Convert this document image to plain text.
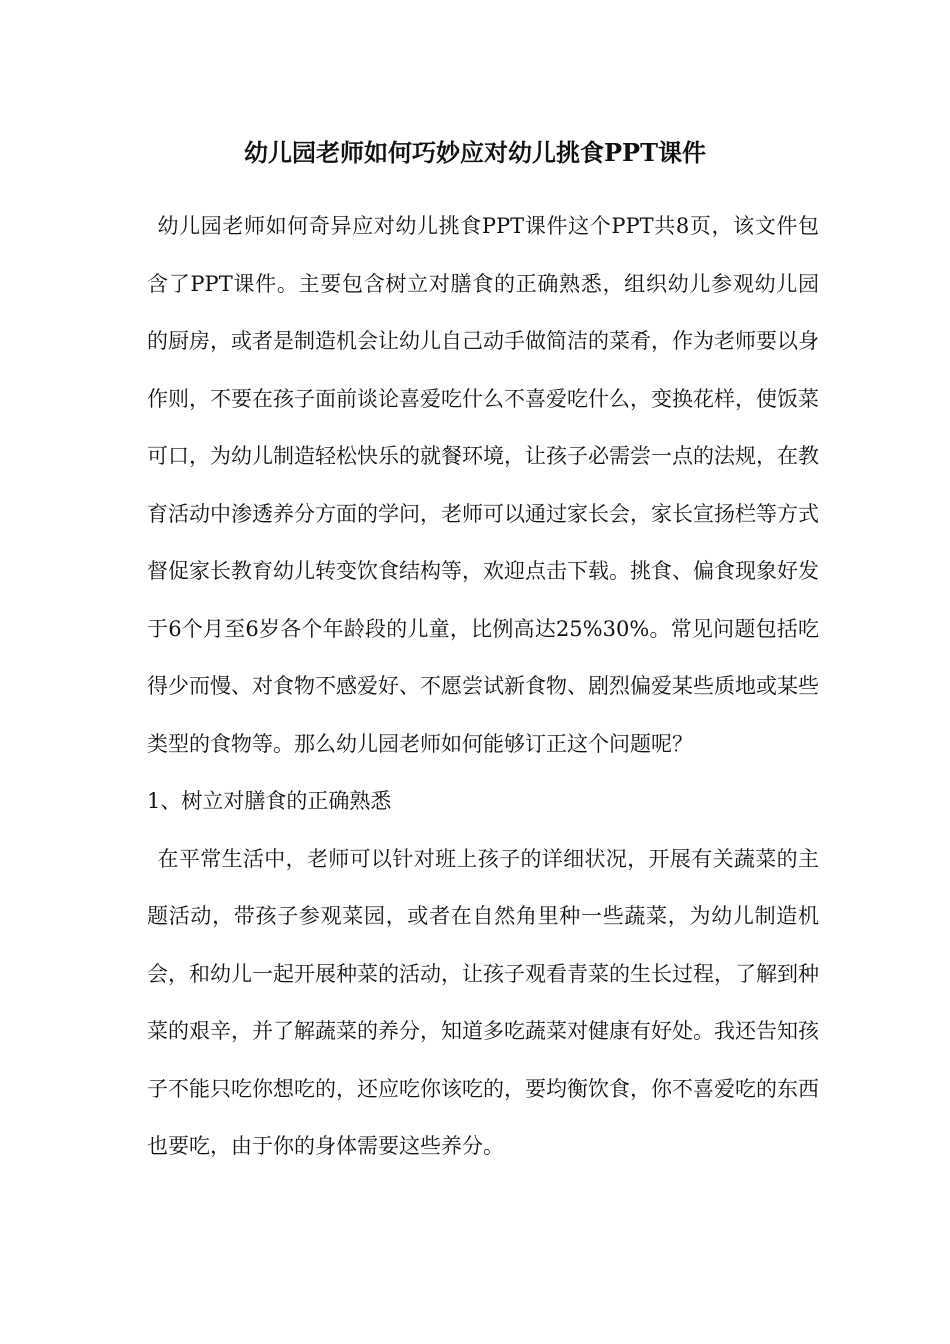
幼儿园老师如何巧妙应对幼儿挑食PPT课件

幼儿园老师如何奇异应对幼儿挑食PPT课件这个PPT共8页，该文件包含了PPT课件。主要包含树立对膳食的正确熟悉，组织幼儿参观幼儿园的厨房，或者是制造机会让幼儿自己动手做简洁的菜肴，作为老师要以身作则，不要在孩子面前谈论喜爱吃什么不喜爱吃什么，变换花样，使饭菜可口，为幼儿制造轻松快乐的就餐环境，让孩子必需尝一点的法规，在教育活动中渗透养分方面的学问，老师可以通过家长会，家长宣扬栏等方式督促家长教育幼儿转变饮食结构等，欢迎点击下载。挑食、偏食现象好发于6个月至6岁各个年龄段的儿童，比例高达25%30%。常见问题包括吃得少而慢、对食物不感爱好、不愿尝试新食物、剧烈偏爱某些质地或某些类型的食物等。那么幼儿园老师如何能够订正这个问题呢？

1、树立对膳食的正确熟悉

在平常生活中，老师可以针对班上孩子的详细状况，开展有关蔬菜的主题活动，带孩子参观菜园，或者在自然角里种一些蔬菜，为幼儿制造机会，和幼儿一起开展种菜的活动，让孩子观看青菜的生长过程，了解到种菜的艰辛，并了解蔬菜的养分，知道多吃蔬菜对健康有好处。我还告知孩子不能只吃你想吃的，还应吃你该吃的，要均衡饮食，你不喜爱吃的东西也要吃，由于你的身体需要这些养分。
